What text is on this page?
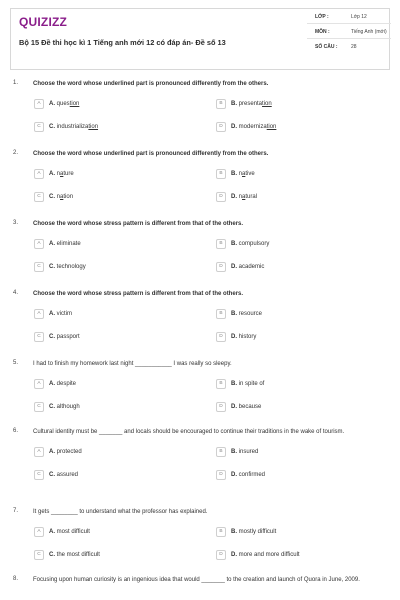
QUIZIZZ
Bộ 15 Đề thi học kì 1 Tiếng anh mới 12 có đáp án- Đề số 13
LỚP :	Lớp 12
MÔN :	Tiếng Anh (mới)
SỐ CÂU :	28
1. Choose the word whose underlined part is pronounced differently from the others.
A	A. question	B	B. presentation
C	C. industrialization	D	D. modernization
2. Choose the word whose underlined part is pronounced differently from the others.
A	A. nature	B	B. native
C	C. nation	D	D. natural
3. Choose the word whose stress pattern is different from that of the others.
A	A. eliminate	B	B. compulsory
C	C. technology	D	D. academic
4. Choose the word whose stress pattern is different from that of the others.
A	A. victim	B	B. resource
C	C. passport	D	D. history
5. I had to finish my homework last night ___________ I was really so sleepy.
A	A. despite	B	B. in spite of
C	C. although	D	D. because
6. Cultural identity must be _______ and locals should be encouraged to continue their traditions in the wake of tourism.
A	A. protected	B	B. insured
C	C. assured	D	D. confirmed
7. It gets ________ to understand what the professor has explained.
A	A. most difficult	B	B. mostly difficult
C	C. the most difficult	D	D. more and more difficult
8. Focusing upon human curiosity is an ingenious idea that would _______ to the creation and launch of Quora in June, 2009.
